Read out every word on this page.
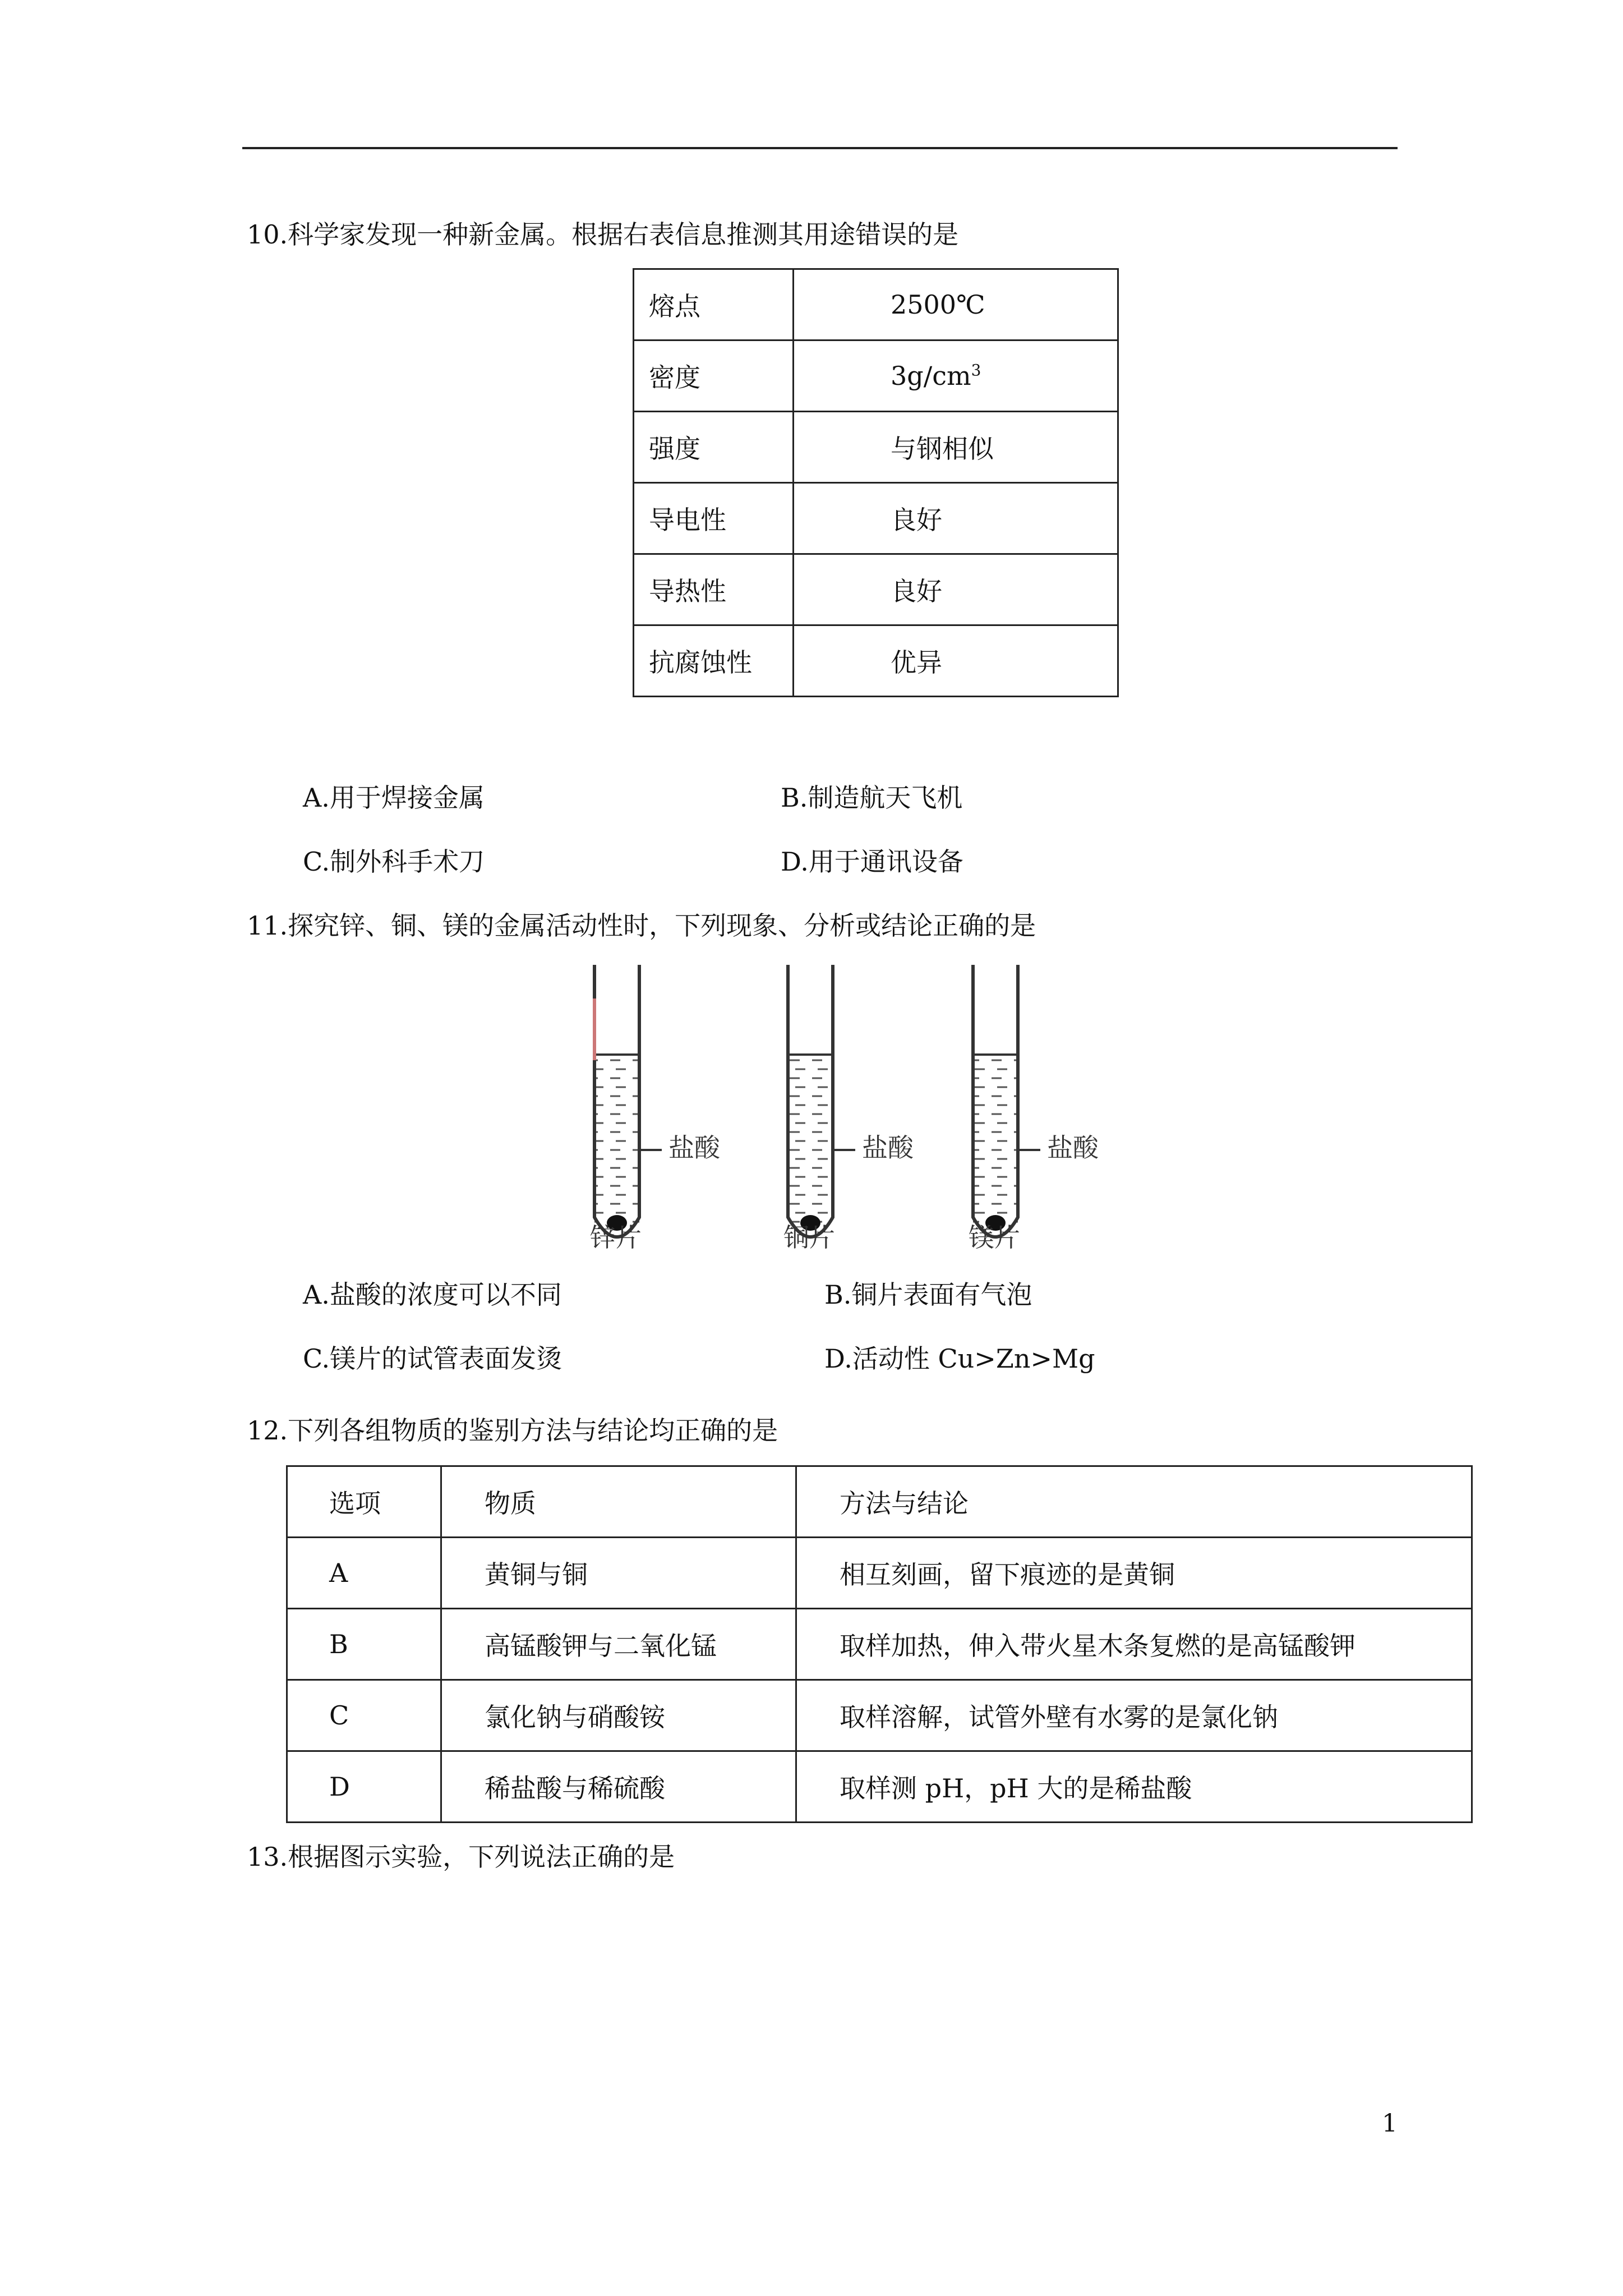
10.科学家发现一种新金属。根据右表信息推测其用途错误的是
熔点	2500℃
密度	$3g/cm^3$
强度	与钢相似
导电性	良好
导热性	良好
抗腐蚀性	优异
A.用于焊接金属	B.制造航天飞机
C.制外科手术刀	D.用于通讯设备
11.探究锌、铜、镁的金属活动性时，下列现象、分析或结论正确的是
盐酸	盐酸	盐酸
锌片	铜片	镁片
A.盐酸的浓度可以不同	B.铜片表面有气泡
C.镁片的试管表面发烫	D.活动性 Cu>Zn>Mg
12.下列各组物质的鉴别方法与结论均正确的是
选项	物质	方法与结论
A	黄铜与铜	相互刻画，留下痕迹的是黄铜
B	高锰酸钾与二氧化锰	取样加热，伸入带火星木条复燃的是高锰酸钾
C	氯化钠与硝酸铵	取样溶解，试管外壁有水雾的是氯化钠
D	稀盐酸与稀硫酸	取样测 pH，pH 大的是稀盐酸
13.根据图示实验，下列说法正确的是
1
